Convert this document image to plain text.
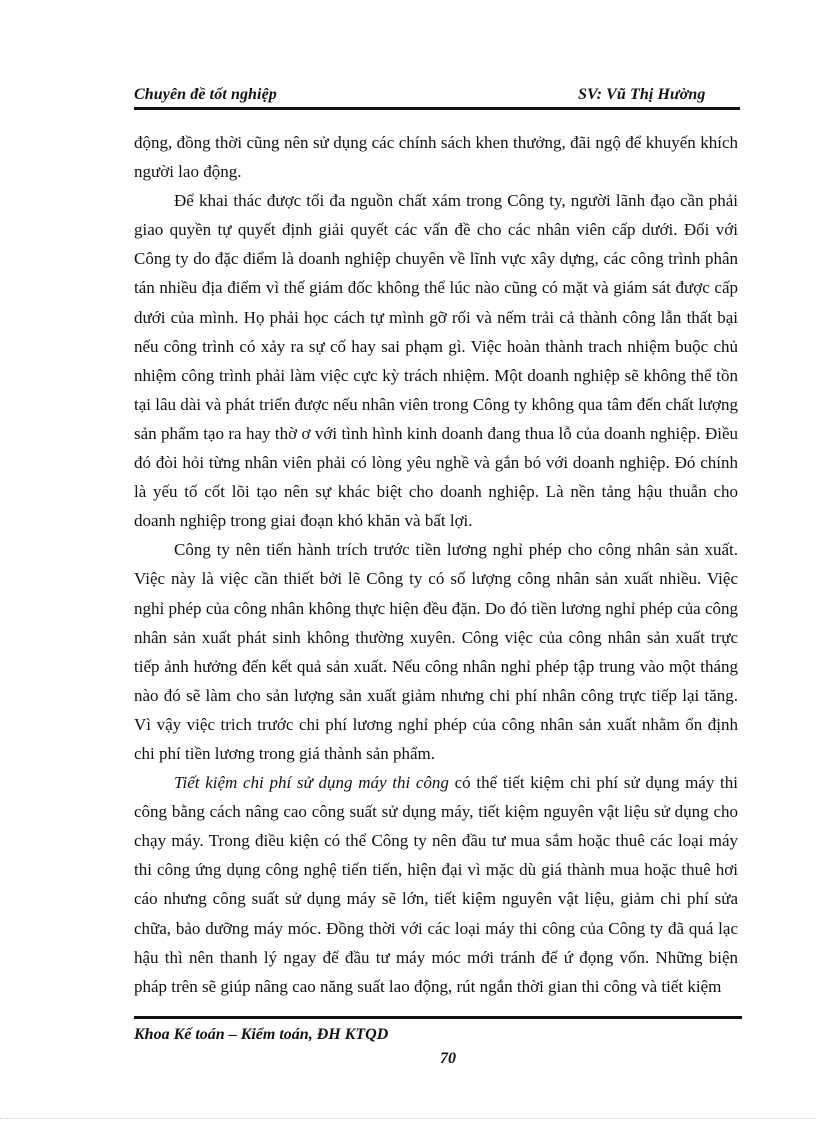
Chuyên đề tốt nghiệp	SV: Vũ Thị Hường

động, đồng thời cũng nên sử dụng các chính sách khen thưởng, đãi ngộ để khuyến khích người lao động.

Để khai thác được tối đa nguồn chất xám trong Công ty, người lãnh đạo cần phải giao quyền tự quyết định giải quyết các vấn đề cho các nhân viên cấp dưới. Đối với Công ty do đặc điểm là doanh nghiệp chuyên về lĩnh vực xây dựng, các công trình phân tán nhiều địa điểm vì thế giám đốc không thể lúc nào cũng có mặt và giám sát được cấp dưới của mình. Họ phải học cách tự mình gỡ rối và nếm trải cả thành công lẫn thất bại nếu công trình có xảy ra sự cố hay sai phạm gì. Việc hoàn thành trach nhiệm buộc chủ nhiệm công trình phải làm việc cực kỳ trách nhiệm. Một doanh nghiệp sẽ không thể tồn tại lâu dài và phát triển được nếu nhân viên trong Công ty không qua tâm đến chất lượng sản phẩm tạo ra hay thờ ơ với tình hình kinh doanh đang thua lỗ của doanh nghiệp. Điều đó đòi hỏi từng nhân viên phải có lòng yêu nghề và gắn bó với doanh nghiệp. Đó chính là yếu tố cốt lõi tạo nên sự khác biệt cho doanh nghiệp. Là nền tảng hậu thuẫn cho doanh nghiệp trong giai đoạn khó khăn và bất lợi.

Công ty nên tiến hành trích trước tiền lương nghỉ phép cho công nhân sản xuất. Việc này là việc cần thiết bởi lẽ Công ty có số lượng công nhân sản xuất nhiều. Việc nghỉ phép của công nhân không thực hiện đều đặn. Do đó tiền lương nghỉ phép của công nhân sản xuất phát sinh không thường xuyên. Công việc của công nhân sản xuất trực tiếp ảnh hưởng đến kết quả sản xuất. Nếu công nhân nghỉ phép tập trung vào một tháng nào đó sẽ làm cho sản lượng sản xuất giảm nhưng chi phí nhân công trực tiếp lại tăng. Vì vậy việc trich trước chi phí lương nghỉ phép của công nhân sản xuất nhằm ổn định chi phí tiền lương trong giá thành sản phẩm.

Tiết kiệm chi phí sử dụng máy thi công có thể tiết kiệm chi phí sử dụng máy thi công bằng cách nâng cao công suất sử dụng máy, tiết kiệm nguyên vật liệu sử dụng cho chạy máy. Trong điều kiện có thể Công ty nên đầu tư mua sắm hoặc thuê các loại máy thi công ứng dụng công nghệ tiến tiến, hiện đại vì mặc dù giá thành mua hoặc thuê hơi cáo nhưng công suất sử dụng máy sẽ lớn, tiết kiệm nguyên vật liệu, giảm chi phí sửa chữa, bảo dưỡng máy móc. Đồng thời với các loại máy thi công của Công ty đã quá lạc hậu thì nên thanh lý ngay để đầu tư máy móc mới tránh để ứ đọng vốn. Những biện pháp trên sẽ giúp nâng cao năng suất lao động, rút ngắn thời gian thi công và tiết kiệm

Khoa Kế toán – Kiểm toán, ĐH KTQD
70
